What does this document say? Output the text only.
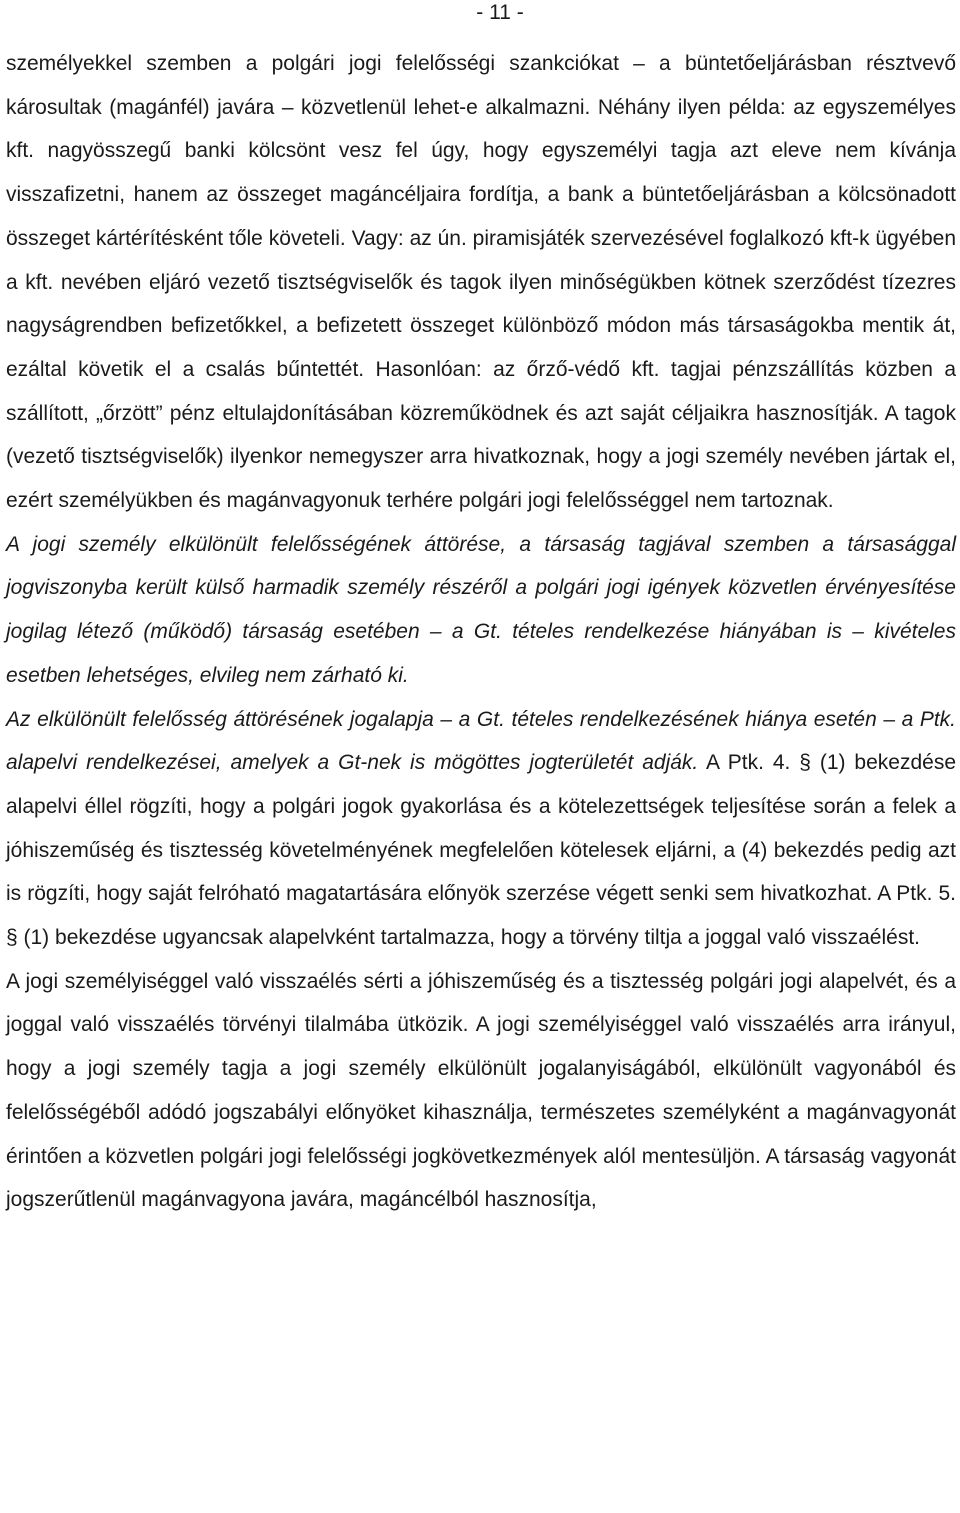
- 11 -

személyekkel szemben a polgári jogi felelősségi szankciókat – a büntetőeljárásban résztvevő károsultak (magánfél) javára – közvetlenül lehet-e alkalmazni. Néhány ilyen példa: az egyszemélyes kft. nagyösszegű banki kölcsönt vesz fel úgy, hogy egyszemélyi tagja azt eleve nem kívánja visszafizetni, hanem az összeget magáncéljaira fordítja, a bank a büntetőeljárásban a kölcsönadott összeget kártérítésként tőle követeli. Vagy: az ún. piramisjáték szervezésével foglalkozó kft-k ügyében a kft. nevében eljáró vezető tisztségviselők és tagok ilyen minőségükben kötnek szerződést tízezres nagyságrendben befizetőkkel, a befizetett összeget különböző módon más társaságokba mentik át, ezáltal követik el a csalás bűntettét. Hasonlóan: az őrző-védő kft. tagjai pénzszállítás közben a szállított, „őrzött” pénz eltulajdonításában közreműködnek és azt saját céljaikra hasznosítják. A tagok (vezető tisztségviselők) ilyenkor nemegyszer arra hivatkoznak, hogy a jogi személy nevében jártak el, ezért személyükben és magánvagyonuk terhére polgári jogi felelősséggel nem tartoznak.

A jogi személy elkülönült felelősségének áttörése, a társaság tagjával szemben a társasággal jogviszonyba került külső harmadik személy részéről a polgári jogi igények közvetlen érvényesítése jogilag létező (működő) társaság esetében – a Gt. tételes rendelkezése hiányában is – kivételes esetben lehetséges, elvileg nem zárható ki.

Az elkülönült felelősség áttörésének jogalapja – a Gt. tételes rendelkezésének hiánya esetén – a Ptk. alapelvi rendelkezései, amelyek a Gt-nek is mögöttes jogterületét adják. A Ptk. 4. § (1) bekezdése alapelvi éllel rögzíti, hogy a polgári jogok gyakorlása és a kötelezettségek teljesítése során a felek a jóhiszeműség és tisztesség követelményének megfelelően kötelesek eljárni, a (4) bekezdés pedig azt is rögzíti, hogy saját felróható magatartására előnyök szerzése végett senki sem hivatkozhat. A Ptk. 5. § (1) bekezdése ugyancsak alapelvként tartalmazza, hogy a törvény tiltja a joggal való visszaélést.

A jogi személyiséggel való visszaélés sérti a jóhiszeműség és a tisztesség polgári jogi alapelvét, és a joggal való visszaélés törvényi tilalmába ütközik. A jogi személyiséggel való visszaélés arra irányul, hogy a jogi személy tagja a jogi személy elkülönült jogalanyiságából, elkülönült vagyonából és felelősségéből adódó jogszabályi előnyöket kihasználja, természetes személyként a magánvagyonát érintően a közvetlen polgári jogi felelősségi jogkövetkezmények alól mentesüljön. A társaság vagyonát jogszerűtlenül magánvagyona javára, magáncélból hasznosítja,
